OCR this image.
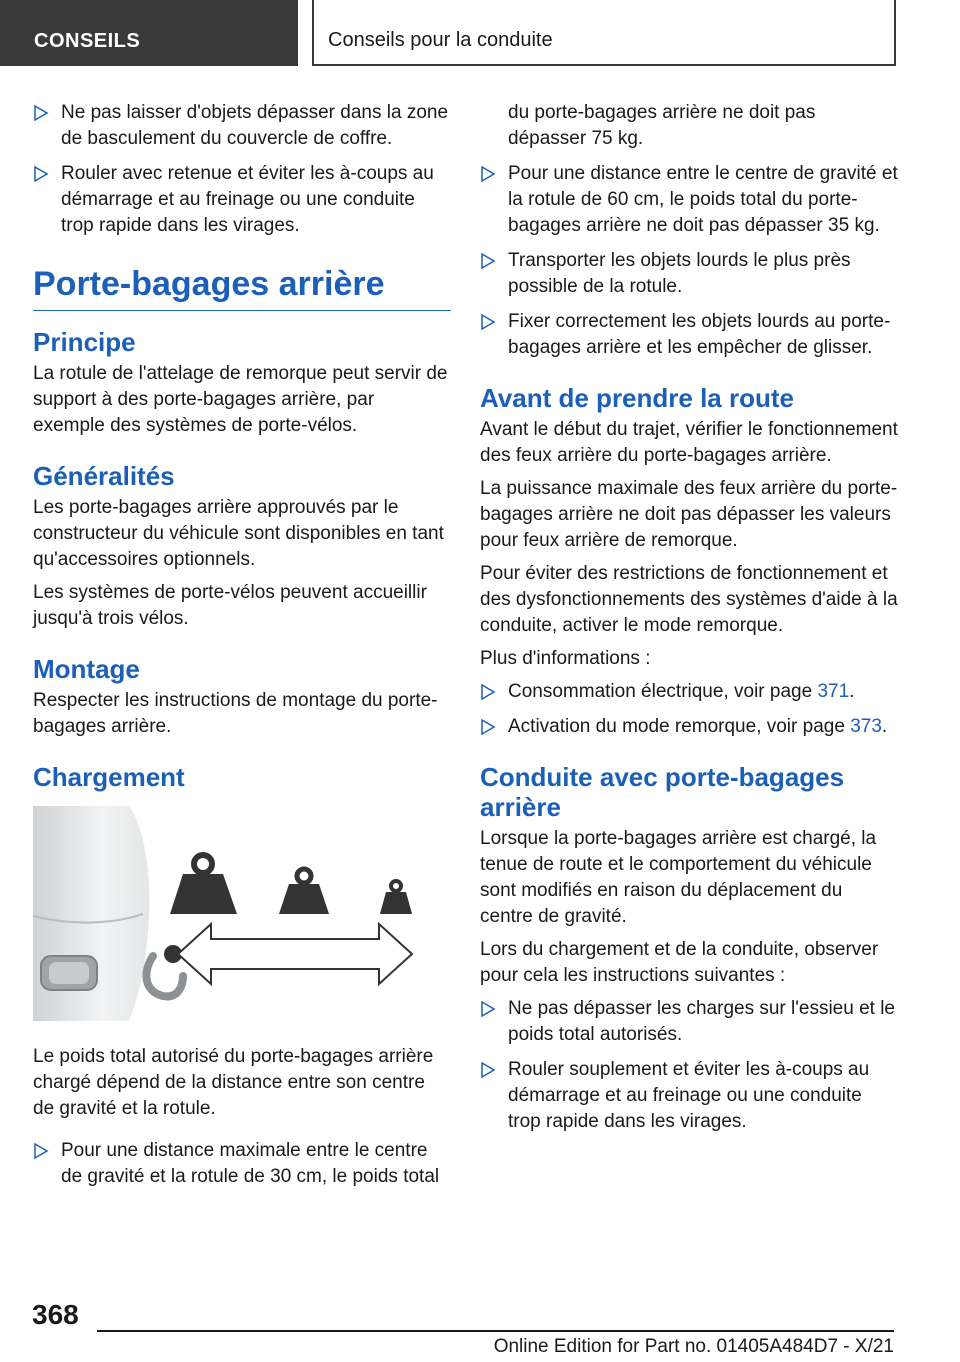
CONSEILS	Conseils pour la conduite
Ne pas laisser d'objets dépasser dans la zone de basculement du couvercle de coffre.
Rouler avec retenue et éviter les à-coups au démarrage et au freinage ou une conduite trop rapide dans les virages.
Porte-bagages arrière
Principe

La rotule de l'attelage de remorque peut servir de support à des porte-bagages arrière, par exemple des systèmes de porte-vélos.

Généralités

Les porte-bagages arrière approuvés par le constructeur du véhicule sont disponibles en tant qu'accessoires optionnels.

Les systèmes de porte-vélos peuvent accueillir jusqu'à trois vélos.

Montage

Respecter les instructions de montage du porte-bagages arrière.

Chargement

Le poids total autorisé du porte-bagages arrière chargé dépend de la distance entre son centre de gravité et la rotule.

Pour une distance maximale entre le centre de gravité et la rotule de 30 cm, le poids total
du porte-bagages arrière ne doit pas dépasser 75 kg.
Pour une distance entre le centre de gravité et la rotule de 60 cm, le poids total du porte-bagages arrière ne doit pas dépasser 35 kg.
Transporter les objets lourds le plus près possible de la rotule.
Fixer correctement les objets lourds au porte-bagages arrière et les empêcher de glisser.
Avant de prendre la route

Avant le début du trajet, vérifier le fonctionnement des feux arrière du porte-bagages arrière.

La puissance maximale des feux arrière du porte-bagages arrière ne doit pas dépasser les valeurs pour feux arrière de remorque.

Pour éviter des restrictions de fonctionnement et des dysfonctionnements des systèmes d'aide à la conduite, activer le mode remorque.

Plus d'informations :

Consommation électrique, voir page 371.
Activation du mode remorque, voir page 373.
Conduite avec porte-bagages arrière

Lorsque la porte-bagages arrière est chargé, la tenue de route et le comportement du véhicule sont modifiés en raison du déplacement du centre de gravité.

Lors du chargement et de la conduite, observer pour cela les instructions suivantes :

Ne pas dépasser les charges sur l'essieu et le poids total autorisés.
Rouler souplement et éviter les à-coups au démarrage et au freinage ou une conduite trop rapide dans les virages.
368
Online Edition for Part no. 01405A484D7 - X/21
